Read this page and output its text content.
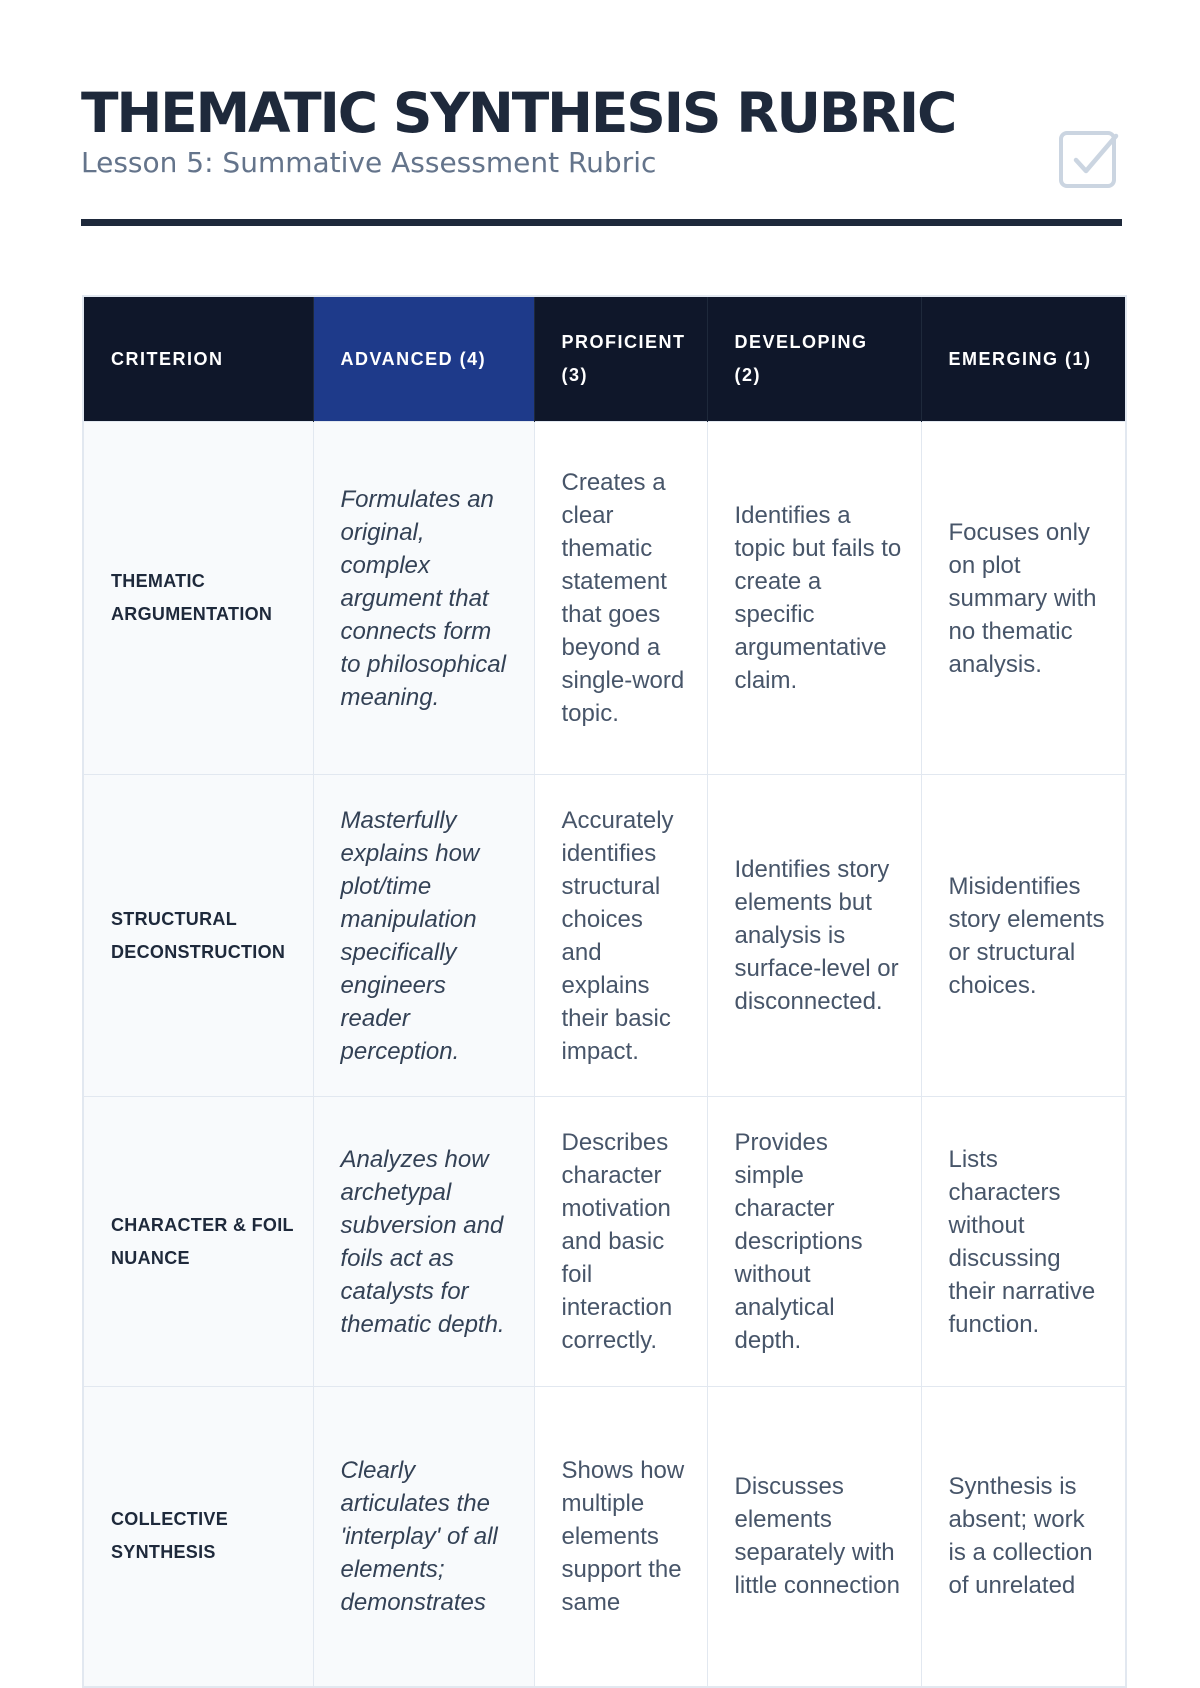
THEMATIC SYNTHESIS RUBRIC

Lesson 5: Summative Assessment Rubric

CRITERION	ADVANCED (4)	PROFICIENT (3)	DEVELOPING (2)	EMERGING (1)
THEMATIC ARGUMENTATION	Formulates an original, complex argument that connects form to philosophical meaning.	Creates a clear thematic statement that goes beyond a single-word topic.	Identifies a topic but fails to create a specific argumentative claim.	Focuses only on plot summary with no thematic analysis.
STRUCTURAL DECONSTRUCTION	Masterfully explains how plot/time manipulation specifically engineers reader perception.	Accurately identifies structural choices and explains their basic impact.	Identifies story elements but analysis is surface-level or disconnected.	Misidentifies story elements or structural choices.
CHARACTER & FOIL NUANCE	Analyzes how archetypal subversion and foils act as catalysts for thematic depth.	Describes character motivation and basic foil interaction correctly.	Provides simple character descriptions without analytical depth.	Lists characters without discussing their narrative function.
COLLECTIVE SYNTHESIS	Clearly articulates the 'interplay' of all elements; demonstrates	Shows how multiple elements support the same	Discusses elements separately with little connection	Synthesis is absent; work is a collection of unrelated
